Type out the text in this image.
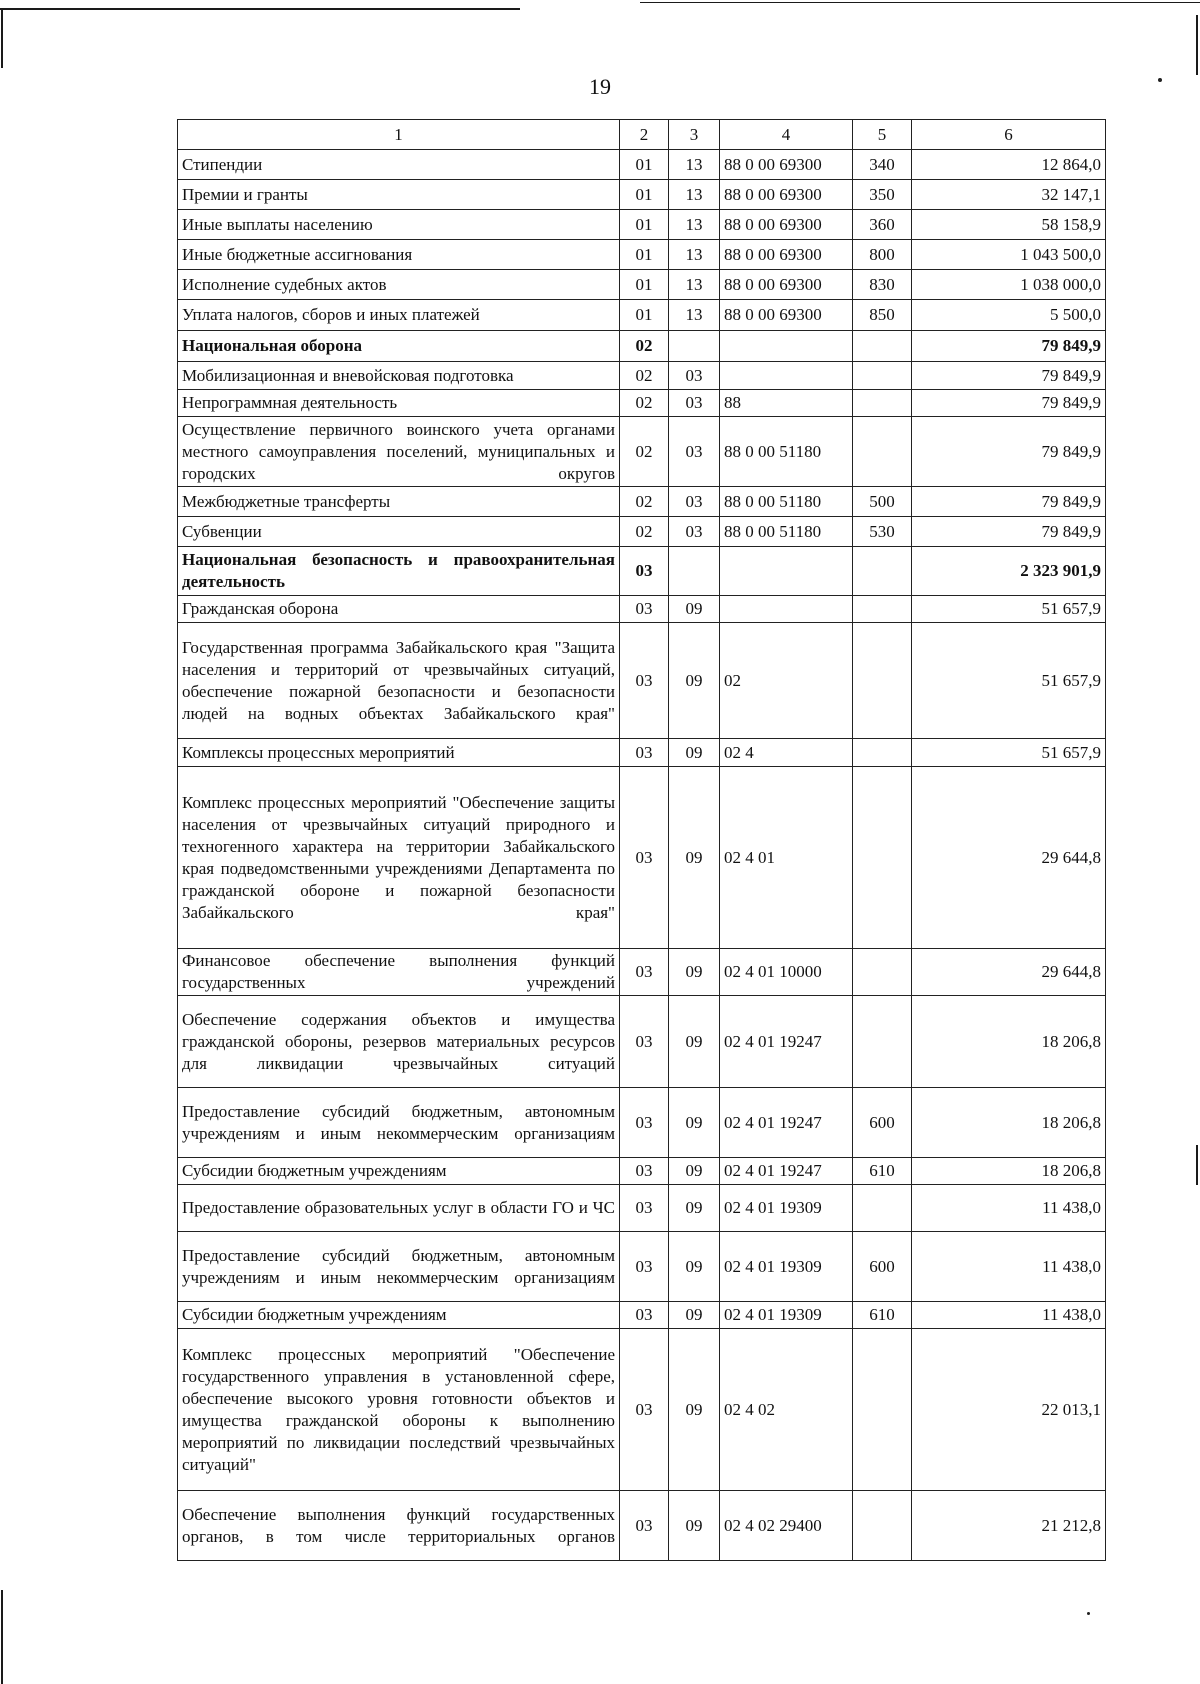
19
1	2	3	4	5	6
Стипендии	01	13	88 0 00 69300	340	12 864,0
Премии и гранты	01	13	88 0 00 69300	350	32 147,1
Иные выплаты населению	01	13	88 0 00 69300	360	58 158,9
Иные бюджетные ассигнования	01	13	88 0 00 69300	800	1 043 500,0
Исполнение судебных актов	01	13	88 0 00 69300	830	1 038 000,0
Уплата налогов, сборов и иных платежей	01	13	88 0 00 69300	850	5 500,0
Национальная оборона	02				79 849,9
Мобилизационная и вневойсковая подготовка	02	03			79 849,9
Непрограммная деятельность	02	03	88		79 849,9
Осуществление первичного воинского учета органами местного самоуправления поселений, муниципальных и городских округов	02	03	88 0 00 51180		79 849,9
Межбюджетные трансферты	02	03	88 0 00 51180	500	79 849,9
Субвенции	02	03	88 0 00 51180	530	79 849,9
Национальная безопасность и правоохранительная деятельность	03				2 323 901,9
Гражданская оборона	03	09			51 657,9
Государственная программа Забайкальского края "Защита населения и территорий от чрезвычайных ситуаций, обеспечение пожарной безопасности и безопасности людей на водных объектах Забайкальского края"	03	09	02		51 657,9
Комплексы процессных мероприятий	03	09	02 4		51 657,9
Комплекс процессных мероприятий "Обеспечение защиты населения от чрезвычайных ситуаций природного и техногенного характера на территории Забайкальского края подведомственными учреждениями Департамента по гражданской обороне и пожарной безопасности Забайкальского края"	03	09	02 4 01		29 644,8
Финансовое обеспечение выполнения функций государственных учреждений	03	09	02 4 01 10000		29 644,8
Обеспечение содержания объектов и имущества гражданской обороны, резервов материальных ресурсов для ликвидации чрезвычайных ситуаций	03	09	02 4 01 19247		18 206,8
Предоставление субсидий бюджетным, автономным учреждениям и иным некоммерческим организациям	03	09	02 4 01 19247	600	18 206,8
Субсидии бюджетным учреждениям	03	09	02 4 01 19247	610	18 206,8
Предоставление образовательных услуг в области ГО и ЧС	03	09	02 4 01 19309		11 438,0
Предоставление субсидий бюджетным, автономным учреждениям и иным некоммерческим организациям	03	09	02 4 01 19309	600	11 438,0
Субсидии бюджетным учреждениям	03	09	02 4 01 19309	610	11 438,0
Комплекс процессных мероприятий "Обеспечение государственного управления в установленной сфере, обеспечение высокого уровня готовности объектов и имущества гражданской обороны к выполнению мероприятий по ликвидации последствий чрезвычайных ситуаций"	03	09	02 4 02		22 013,1
Обеспечение выполнения функций государственных органов, в том числе территориальных органов	03	09	02 4 02 29400		21 212,8
